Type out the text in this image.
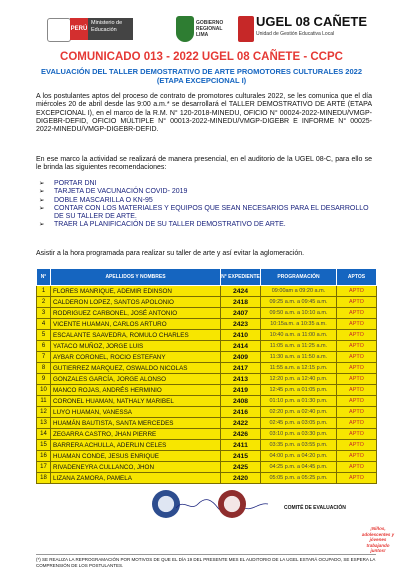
PERÚ
Ministerio de Educación
GOBIERNO REGIONAL LIMA
UGEL 08 CAÑETE
Unidad de Gestión Educativa Local
COMUNICADO 013 - 2022 UGEL 08 CAÑETE - CCPC
EVALUACIÓN DEL TALLER DEMOSTRATIVO DE ARTE PROMOTORES CULTURALES 2022 (ETAPA EXCEPCIONAL I)
A los postulantes aptos del proceso de contrato de promotores culturales 2022, se les comunica que el día miércoles 20 de abril desde las 9:00 a.m.* se desarrollará el TALLER DEMOSTRATIVO DE ARTE (ETAPA EXCEPCIONAL I), en el marco de la R.M. N° 120-2018-MINEDU, OFICIO N° 00024-2022-MINEDU/VMGP-DIGEBR-DEFID, OFICIO MÚLTIPLE N° 00013-2022-MINEDU/VMGP-DIGEBR E INFORME N° 00025-2022-MINEDU/VMGP-DIGEBR-DEFID.
En ese marco la actividad se realizará de manera presencial, en el auditorio de la UGEL 08-C, para ello se le brinda las siguientes recomendaciones:
➢ PORTAR DNI
➢ TARJETA DE VACUNACIÓN COVID- 2019
➢ DOBLE MASCARILLA O KN-95
➢ CONTAR CON LOS MATERIALES Y EQUIPOS QUE SEAN NECESARIOS PARA EL DESARROLLO DE SU TALLER DE ARTE.
➢ TRAER LA PLANIFICACIÓN DE SU TALLER DEMOSTRATIVO DE ARTE.
Asistir a la hora programada para realizar su taller de arte y así evitar la aglomeración.
N°	APELLIDOS Y NOMBRES	N° EXPEDIENTE	PROGRAMACIÓN	APTOS
1	FLORES MANRIQUE, ADEMIR EDINSON	2424	09:00am a 09:20 a.m.	APTO
2	CALDERON LOPEZ, SANTOS APOLONIO	2418	09:25 a.m. a 09:45 a.m.	APTO
3	RODRIGUEZ CARBONEL, JOSÉ ANTONIO	2407	09:50 a.m. a 10:10 a.m.	APTO
4	VICENTE HUAMAN, CARLOS ARTURO	2423	10:15a.m. a 10:35 a.m.	APTO
5	ESCALANTE SAAVEDRA, ROMULO CHARLES	2410	10:40 a.m. a 11:00 a.m.	APTO
6	YATACO MUÑOZ, JORGE LUIS	2414	11:05 a.m. a 11:25 a.m.	APTO
7	AYBAR CORONEL, ROCIO ESTEFANY	2409	11:30 a.m. a 11:50 a.m.	APTO
8	GUTIERREZ MARQUEZ, OSWALDO NICOLAS	2417	11:55 a.m. a 12:15 p.m.	APTO
9	GONZALES GARCÍA, JORGE ALONSO	2413	12:20 p.m. a 12:40 p.m.	APTO
10	MANCO ROJAS, ANDRÉS HERMINIO	2419	12:45 p.m. a 01:05 p.m.	APTO
11	CORONEL HUAMAN, NATHALY MARIBEL	2408	01:10 p.m. a 01:30 p.m.	APTO
12	LUYO HUAMAN, VANESSA	2416	02:20 p.m. a 02:40 p.m.	APTO
13	HUAMÁN BAUTISTA, SANTA MERCEDES	2422	02:45 p.m. a 03:05 p.m.	APTO
14	ZEGARRA CASTRO, JHAN PIERRE	2426	03:10 p.m. a 03:30 p.m.	APTO
15	BARRERA ACHULLA, ADERLIN CELES	2411	03:35 p.m. a 03:55 p.m.	APTO
16	HUAMAN CONDE, JESUS ENRIQUE	2415	04:00 p.m. a 04:20 p.m.	APTO
17	RIVADENEYRA CULLANCO, JHON	2425	04:25 p.m. a 04:45 p.m.	APTO
18	LIZANA ZAMORA, PAMELA	2420	05:05 p.m. a 05:25 p.m.	APTO
COMITÉ DE EVALUACIÓN
¡Niños, adolescentes y jóvenes trabajando juntos!
(*) SE REALIZA LA REPROGRAMACIÓN POR MOTIVOS DE QUE EL DÍA 19 DEL PRESENTE MES EL AUDITORIO DE LA UGEL ESTARÁ OCUPADO, SE ESPERA LA COMPRENSIÓN DE LOS POSTULANTES.
